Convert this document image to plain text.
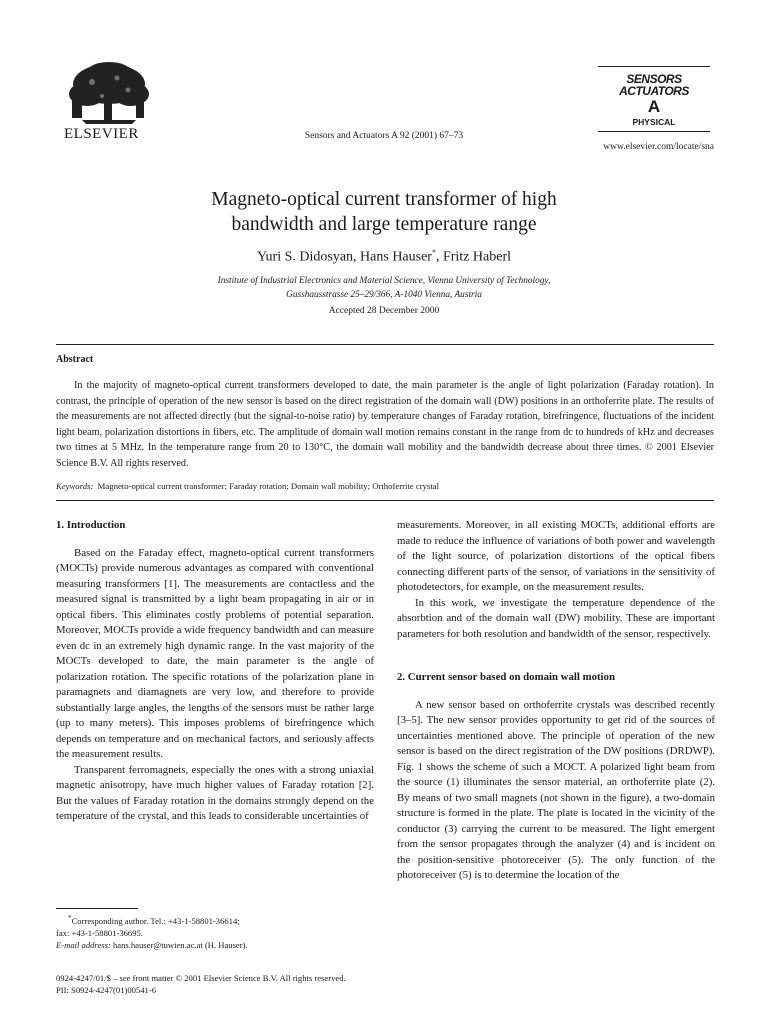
ELSEVIER	Sensors and Actuators A 92 (2001) 67–73
SENSORS
ACTUATORS
A
PHYSICAL
www.elsevier.com/locate/sna
Magneto-optical current transformer of high
bandwidth and large temperature range
Yuri S. Didosyan, Hans Hauser*, Fritz Haberl
Institute of Industrial Electronics and Material Science, Vienna University of Technology,
Gusshausstrasse 25–29/366, A-1040 Vienna, Austria
Accepted 28 December 2000
Abstract
In the majority of magneto-optical current transformers developed to date, the main parameter is the angle of light polarization (Faraday rotation). In contrast, the principle of operation of the new sensor is based on the direct registration of the domain wall (DW) positions in an orthoferrite plate. The results of the measurements are not affected directly (but the signal-to-noise ratio) by temperature changes of Faraday rotation, birefringence, fluctuations of the incident light beam, polarization distortions in fibers, etc. The amplitude of domain wall motion remains constant in the range from dc to hundreds of kHz and decreases two times at 5 MHz. In the temperature range from 20 to 130°C, the domain wall mobility and the bandwidth decrease about three times. © 2001 Elsevier Science B.V. All rights reserved.
Keywords: Magneto-optical current transformer; Faraday rotation; Domain wall mobility; Orthoferrite crystal
1. Introduction

Based on the Faraday effect, magneto-optical current transformers (MOCTs) provide numerous advantages as compared with conventional measuring transformers [1]. The measurements are contactless and the measured signal is transmitted by a light beam propagating in air or in optical fibers. This eliminates costly problems of potential separation. Moreover, MOCTs provide a wide frequency bandwidth and can measure even dc in an extremely high dynamic range. In the vast majority of the MOCTs developed to date, the main parameter is the angle of polarization rotation. The specific rotations of the polarization plane in paramagnets and diamagnets are very low, and therefore to provide substantially large angles, the lengths of the sensors must be rather large (up to many meters). This imposes problems of birefringence which depends on temperature and on mechanical factors, and seriously affects the measurement results.

Transparent ferromagnets, especially the ones with a strong uniaxial magnetic anisotropy, have much higher values of Faraday rotation [2]. But the values of Faraday rotation in the domains strongly depend on the temperature of the crystal, and this leads to considerable uncertainties of

measurements. Moreover, in all existing MOCTs, additional efforts are made to reduce the influence of variations of both power and wavelength of the light source, of polarization distortions of the optical fibers connecting different parts of the sensor, of variations in the sensitivity of photodetectors, for example, on the measurement results.

In this work, we investigate the temperature dependence of the absorbtion and of the domain wall (DW) mobility. These are important parameters for both resolution and bandwidth of the sensor, respectively.

2. Current sensor based on domain wall motion

A new sensor based on orthoferrite crystals was described recently [3–5]. The new sensor provides opportunity to get rid of the sources of uncertainties mentioned above. The principle of operation of the new sensor is based on the direct registration of the DW positions (DRDWP). Fig. 1 shows the scheme of such a MOCT. A polarized light beam from the source (1) illuminates the sensor material, an orthoferrite plate (2). By means of two small magnets (not shown in the figure), a two-domain structure is formed in the plate. The plate is located in the vicinity of the conductor (3) carrying the current to be measured. The light emergent from the sensor propagates through the analyzer (4) and is incident on the position-sensitive photoreceiver (5). The only function of the photoreceiver (5) is to determine the location of the

*Corresponding author. Tel.: +43-1-58801-36614;
fax: +43-1-58801-36695.
E-mail address: hans.hauser@tuwien.ac.at (H. Hauser).
0924-4247/01/$ – see front matter © 2001 Elsevier Science B.V. All rights reserved.
PII: S0924-4247(01)00541-6
